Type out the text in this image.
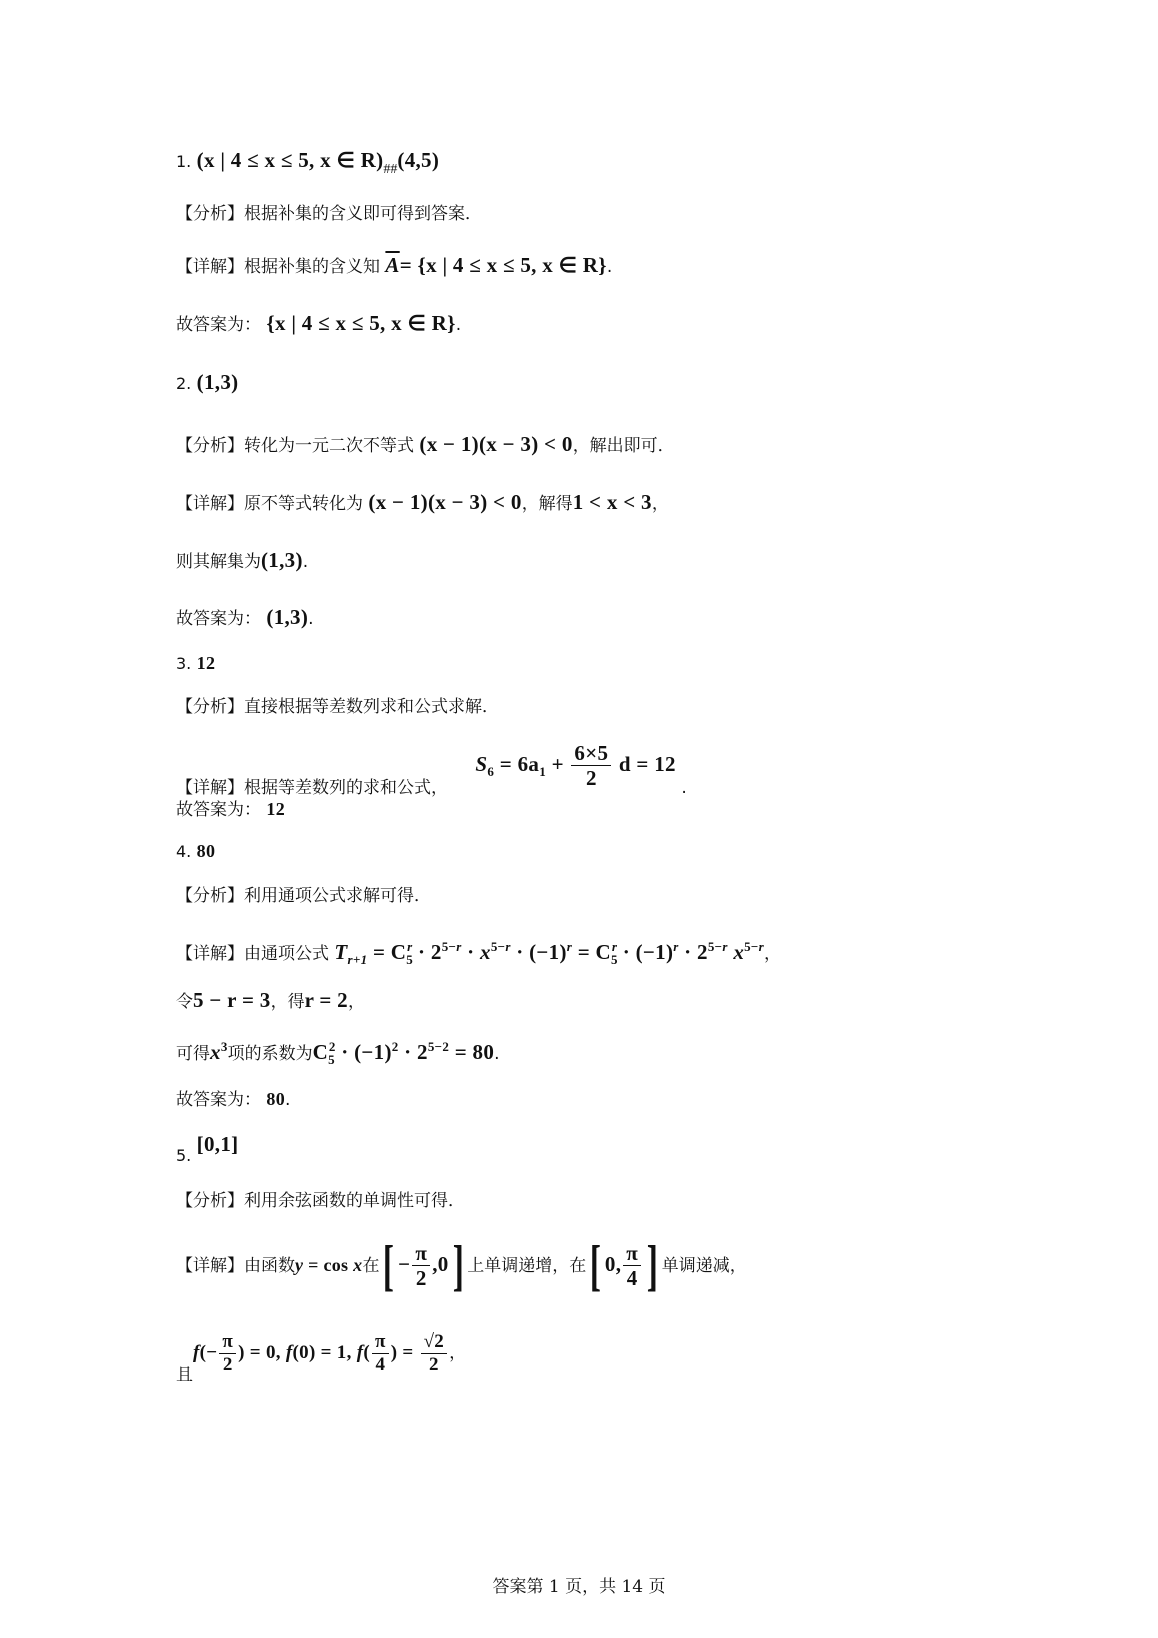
1. (x | 4 ≤ x ≤ 5, x ∈ $R)_{\#\#}(4,5)$
【分析】根据补集的含义即可得到答案．
【详解】根据补集的含义知 $\overline{A}= \{x$ | 4 ≤ x ≤ 5, x ∈ R}.
故答案为： {x | 4 ≤ x ≤ 5, x ∈ R}.
2. (1,3)
【分析】转化为一元二次不等式 (x − 1)(x − 3) < 0，解出即可．
【详解】原不等式转化为 (x − 1)(x − 3) < 0，解得1 < x < 3，
则其解集为(1,3).
故答案为： (1,3).
3. 12
【分析】直接根据等差数列求和公式求解．
【详解】根据等差数列的求和公式， $S_6 = 6a_1 + \frac{6\times 5}{2}$ d = 12 .
故答案为： 12
4. 80
【分析】利用通项公式求解可得．
【详解】由通项公式 $T_{r+1} = C_5^r \cdot 2^{5-r} \cdot x^{5-r} \cdot (-1)^r = C_5^r \cdot (-1)^r \cdot 2^{5-r}$ $x^{5-r}$，
令5 − r = 3，得r = 2，
可得$x^3$项的系数为$C_5^2 \cdot (-1)^2 \cdot 2^{5-2} = 80$.
故答案为： 80.
5. [0,1]
【分析】利用余弦函数的单调性可得．
【详解】由函数y = cos x在[ − $\frac{\pi}{2} ,0$] 上单调递增，在[ 0, $\frac{\pi}{4}$ ] 单调递减，
且$f(- \frac{\pi}{2}$ ) = 0, f(0) = 1, $f( \frac{\pi}{4}$ ) = $\frac{√2}{2}$ ，
答案第 1 页，共 14 页
